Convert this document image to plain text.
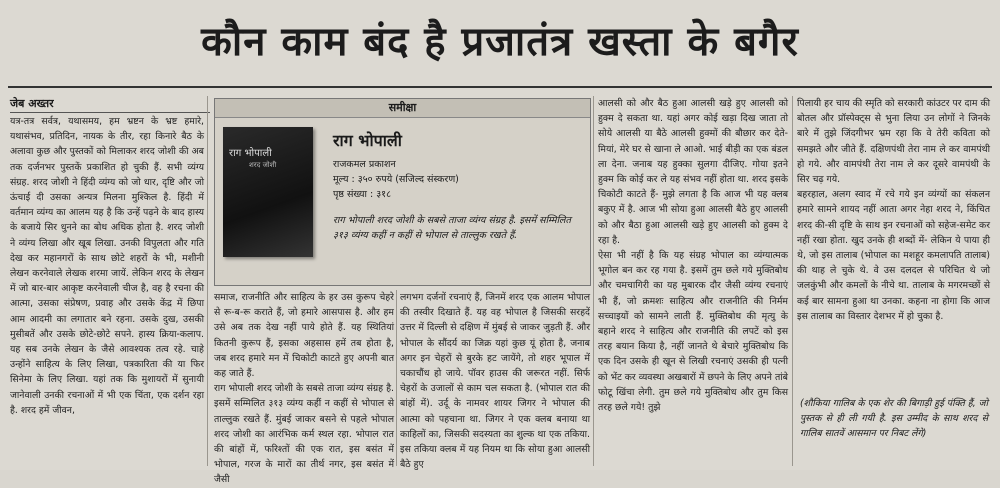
कौन काम बंद है प्रजातंत्र खस्ता के बगैर
जेब अख्तर
यत्र-तत्र सर्वत्र, यथासमय, हम भ्रष्टन के भ्रष्ट हमारे, यथासंभव, प्रतिदिन, नायक के तीर, रहा किनारे बैठ के अलावा कुछ और पुस्तकों को मिलाकर शरद जोशी की अब तक दर्जनभर पुस्तकें प्रकाशित हो चुकी हैं. सभी व्यंग्य संग्रह. शरद जोशी ने हिंदी व्यंग्य को जो धार, दृष्टि और जो ऊंचाई दी उसका अन्यत्र मिलना मुश्किल है. हिंदी में वर्तमान व्यंग्य का आलम यह है कि उन्हें पढ़ने के बाद हास्य के बजाये सिर धुनने का बोध अधिक होता है. शरद जोशी ने व्यंग्य लिखा और खूब लिखा. उनकी विपुलता और गति देख कर महानगरों के साथ छोटे शहरों के भी, मशीनी लेखन करनेवाले लेखक शरमा जायें. लेकिन शरद के लेखन में जो बार-बार आकृष्ट करनेवाली चीज है, वह है रचना की आत्मा, उसका संप्रेषण, प्रवाह और उसके केंद्र में छिपा आम आदमी का लगातार बने रहना. उसके दुख, उसकी मुसीबतें और उसके छोटे-छोटे सपने. हास्य क्रिया-कलाप. यह सब उनके लेखन के जैसे आवश्यक तत्व रहे. चाहे उन्होंने साहित्य के लिए लिखा, पत्रकारिता की या फिर सिनेमा के लिए लिखा. यहां तक कि मुशायरों में सुनायी जानेवाली उनकी रचनाओं में भी एक चिंता, एक दर्शन रहा है. शरद हमें जीवन,
समीक्षा
राग भोपाली
शरद जोशी
राग भोपाली
राजकमल प्रकाशन
मूल्य : ३५० रुपये (सजिल्द संस्करण)
पृष्ठ संख्या : ३१८
राग भोपाली शरद जोशी के सबसे ताजा व्यंग्य संग्रह है. इसमें सम्मिलित ३१३ व्यंग्य कहीं न कहीं से भोपाल से ताल्लुक रखते हैं.
समाज, राजनीति और साहित्य के हर उस कुरूप चेहरे से रू-ब-रू कराते हैं, जो हमारे आसपास है. और हम उसे अब तक देख नहीं पाये होते हैं. यह स्थितियां कितनी कुरूप हैं, इसका अहसास हमें तब होता है, जब शरद हमारे मन में चिकोटी काटते हुए अपनी बात कह जाते हैं.
राग भोपाली शरद जोशी के सबसे ताजा व्यंग्य संग्रह है. इसमें सम्मिलित ३१३ व्यंग्य कहीं न कहीं से भोपाल से ताल्लुक रखते हैं. मुंबई जाकर बसने से पहले भोपाल शरद जोशी का आरंभिक कर्म स्थल रहा. भोपाल रात की बांहों में, फरिश्तों की एक रात, इस बसंत में भोपाल, गरज के मारों का तीर्थ नगर, इस बसंत में जैसी
लगभग दर्जनों रचनाएं हैं, जिनमें शरद एक आलम भोपाल की तस्वीर दिखाते हैं. यह वह भोपाल है जिसकी सरहदें उत्तर में दिल्ली से दक्षिण में मुंबई से जाकर जुड़ती हैं. और भोपाल के सौंदर्य का जिक्र यहां कुछ यूं होता है, जनाब अगर इन चेहरों से बुरके हट जायेंगे, तो शहर भूपाल में चकाचौंध हो जाये. पॉवर हाउस की जरूरत नहीं. सिर्फ चेहरों के उजालों से काम चल सकता है. (भोपाल रात की बांहों में). उर्दू के नामवर शायर जिगर ने भोपाल की आत्मा को पहचाना था. जिगर ने एक क्लब बनाया था काहिलों का, जिसकी सदस्यता का शुल्क था एक तकिया. इस तकिया क्लब में यह नियम था कि सोया हुआ आलसी बैठे हुए
आलसी को और बैठ हुआ आलसी खड़े हुए आलसी को हुक्म दे सकता था. यहां अगर कोई खड़ा दिख जाता तो सोये आलसी या बैठे आलसी हुक्मों की बौछार कर देते- मियां, मेरे घर से खाना ले आओ. भाई बीड़ी का एक बंडल ला देना. जनाब यह हुक्का सुलगा दीजिए. गोया इतने हुक्म कि कोई कर ले यह संभव नहीं होता था. शरद इसके चिकोटी काटते हैं- मुझे लगता है कि आज भी यह क्लब बकुए में है. आज भी सोया हुआ आलसी बैठे हुए आलसी को और बैठा हुआ आलसी खड़े हुए आलसी को हुक्म दे रहा है.
ऐसा भी नहीं है कि यह संग्रह भोपाल का व्यंग्यात्मक भूगोल बन कर रह गया है. इसमें तुम छले गये मुक्तिबोध और चमचागिरी का यह मुबारक दौर जैसी व्यंग्य रचनाएं भी हैं, जो क्रमशः साहित्य और राजनीति की निर्मम सच्चाइयों को सामने लाती हैं. मुक्तिबोध की मृत्यु के बहाने शरद ने साहित्य और राजनीति की लपटें को इस तरह बयान किया है, नहीं जानते थे बेचारे मुक्तिबोध कि एक दिन उसके ही खून से लिखी रचनाएं उसकी ही पत्नी को भेंट कर व्यवस्था अखबारों में छपने के लिए अपने तांबे फोटू खिंचा लेगी. तुम छले गये मुक्तिबोध और तुम किस तरह छले गये! तुझे
पिलायी हर चाय की स्मृति को सरकारी कांउटर पर दाम की बोतल और प्रॉस्पेक्ट्स से भुना लिया उन लोगों ने जिनके बारे में तुझे जिंदगीभर भ्रम रहा कि वे तेरी कविता को समझते और जीते हैं. दक्षिणपंथी तेरा नाम ले कर वामपंथी हो गये. और वामपंथी तेरा नाम ले कर दूसरे वामपंथी के सिर चढ़ गये.
बहरहाल, अलग स्वाद में रचे गये इन व्यंग्यों का संकलन हमारे सामने शायद नहीं आता अगर नेहा शरद ने, किंचित शरद की-सी दृष्टि के साथ इन रचनाओं को सहेज-समेट कर नहीं रखा होता. खुद उनके ही शब्दों में- लेकिन ये पाया ही थे, जो इस तालाब (भोपाल का मशहूर कमलापति तालाब) की थाह ले चुके थे. वे उस दलदल से परिचित थे जो जलकुंभी और कमलों के नीचे था. तालाब के मगरमच्छों से कई बार सामना हुआ था उनका. कहना ना होगा कि आज इस तालाब का विस्तार देशभर में हो चुका है.
(शौकिया गालिब के एक शेर की बिगाड़ी हुई पंक्ति हैं, जो पुस्तक से ही ली गयी है. इस उम्मीद के साथ शरद से गालिब सातवें आसमान पर निबट लेंगे)
